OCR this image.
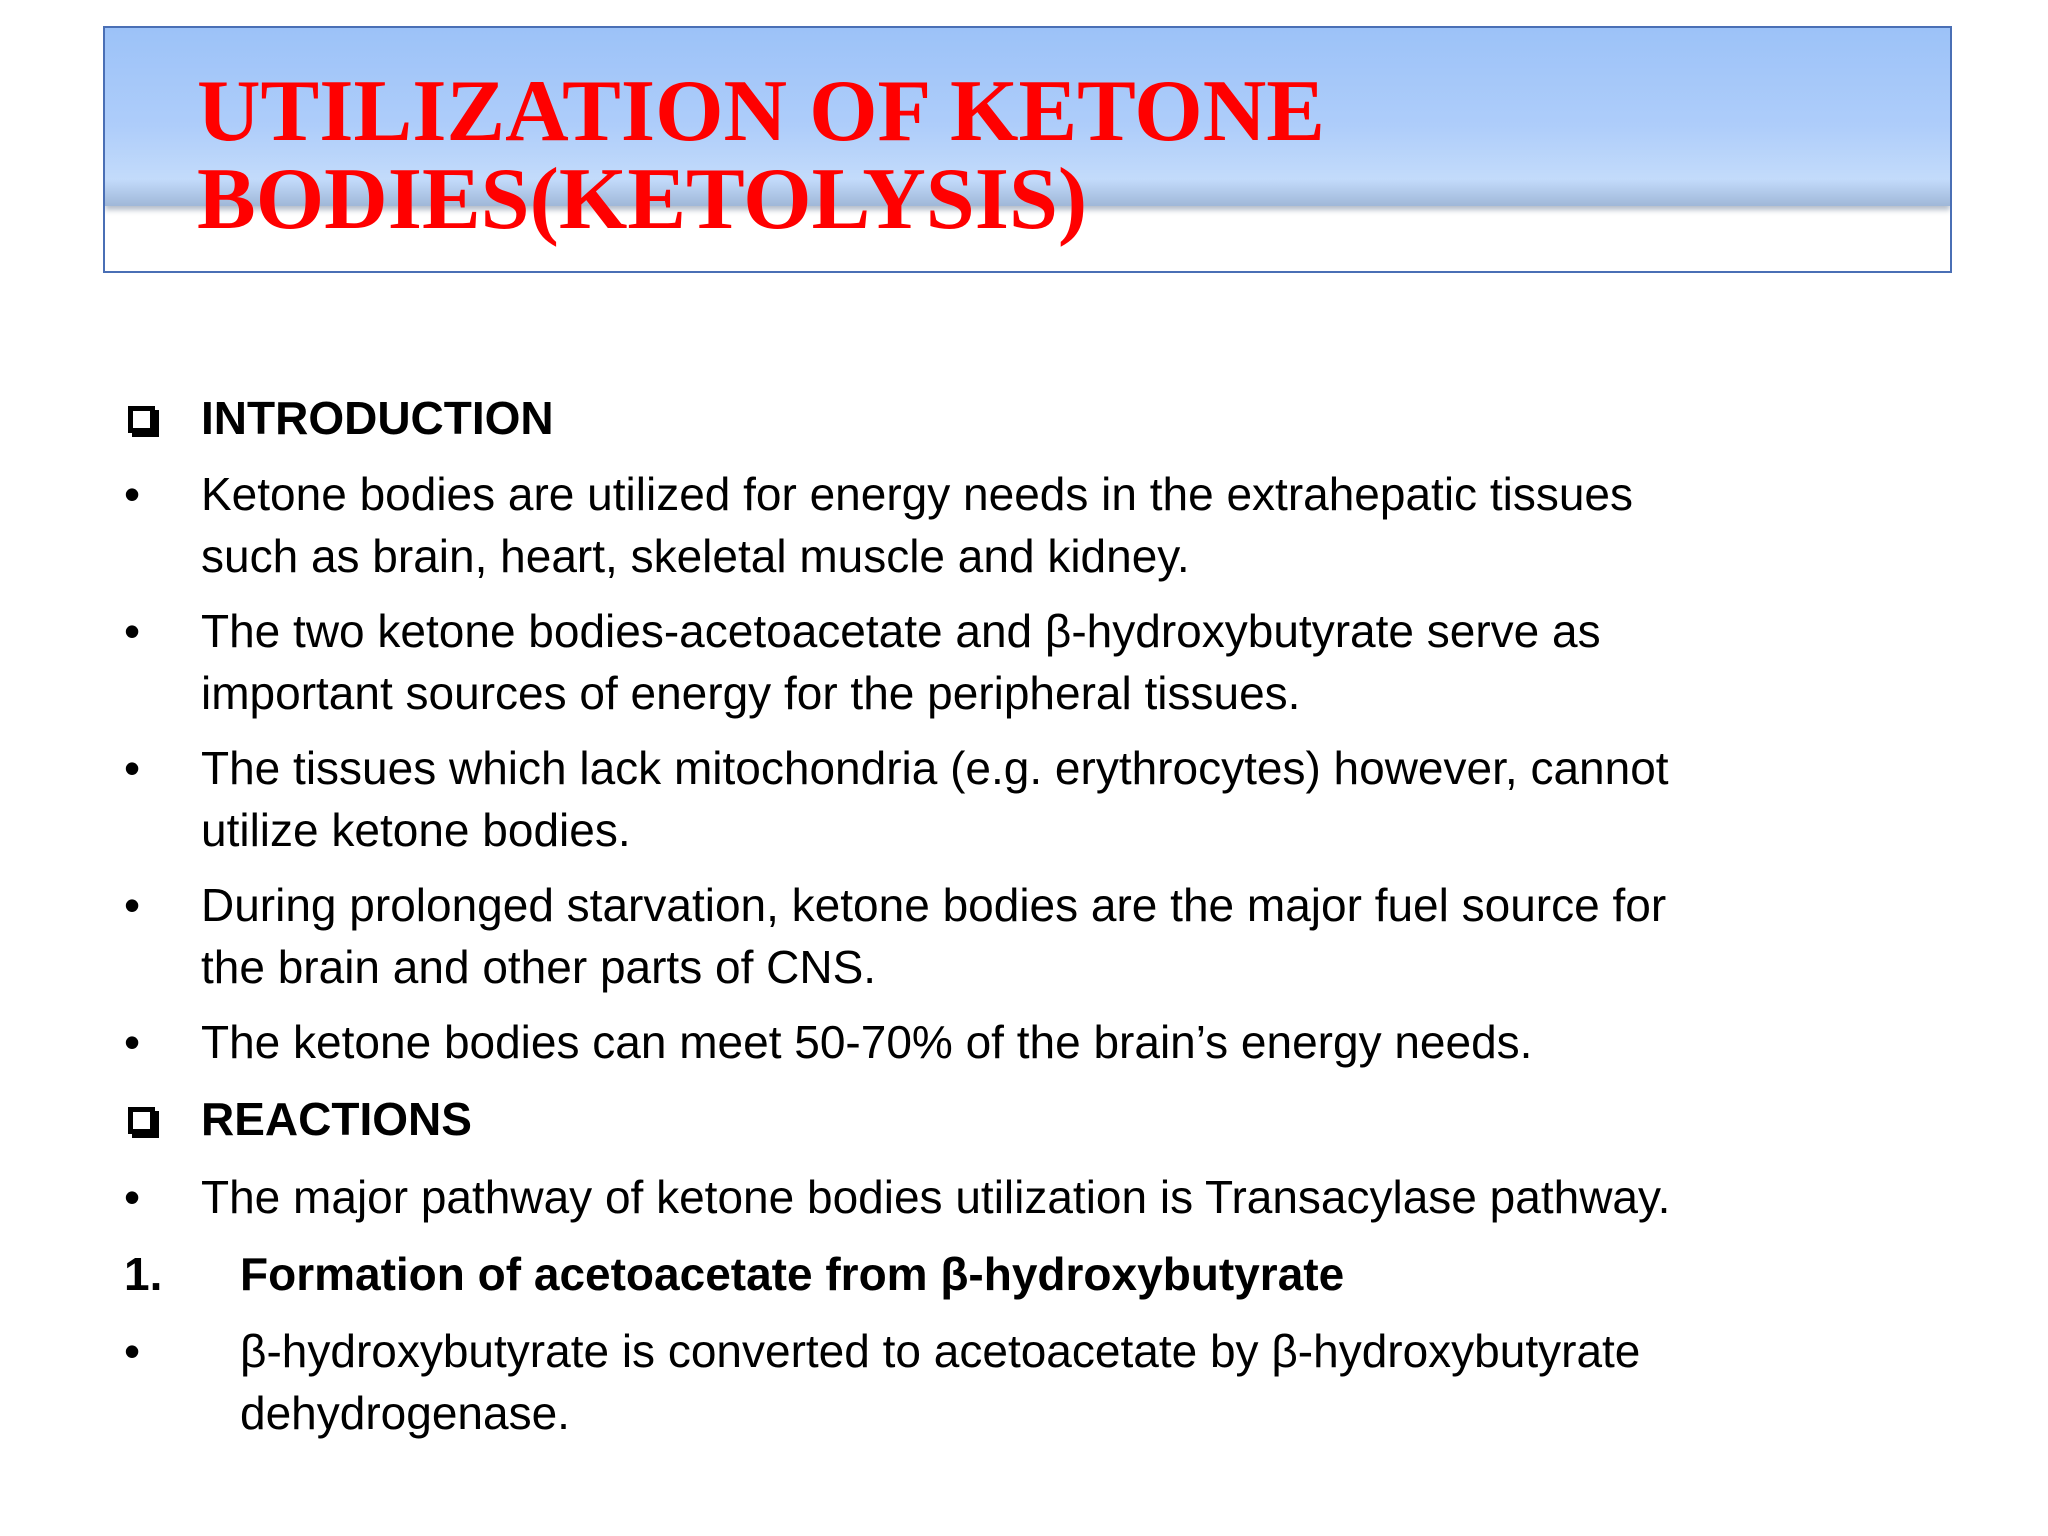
UTILIZATION OF KETONE
BODIES(KETOLYSIS)
INTRODUCTION
• Ketone bodies are utilized for energy needs in the extrahepatic tissues
such as brain, heart, skeletal muscle and kidney.
• The two ketone bodies-acetoacetate and β-hydroxybutyrate serve as
important sources of energy for the peripheral tissues.
• The tissues which lack mitochondria (e.g. erythrocytes) however, cannot
utilize ketone bodies.
• During prolonged starvation, ketone bodies are the major fuel source for
the brain and other parts of CNS.
• The ketone bodies can meet 50-70% of the brain’s energy needs.
REACTIONS
• The major pathway of ketone bodies utilization is Transacylase pathway.
1. Formation of acetoacetate from β-hydroxybutyrate
• β-hydroxybutyrate is converted to acetoacetate by β-hydroxybutyrate
dehydrogenase.
